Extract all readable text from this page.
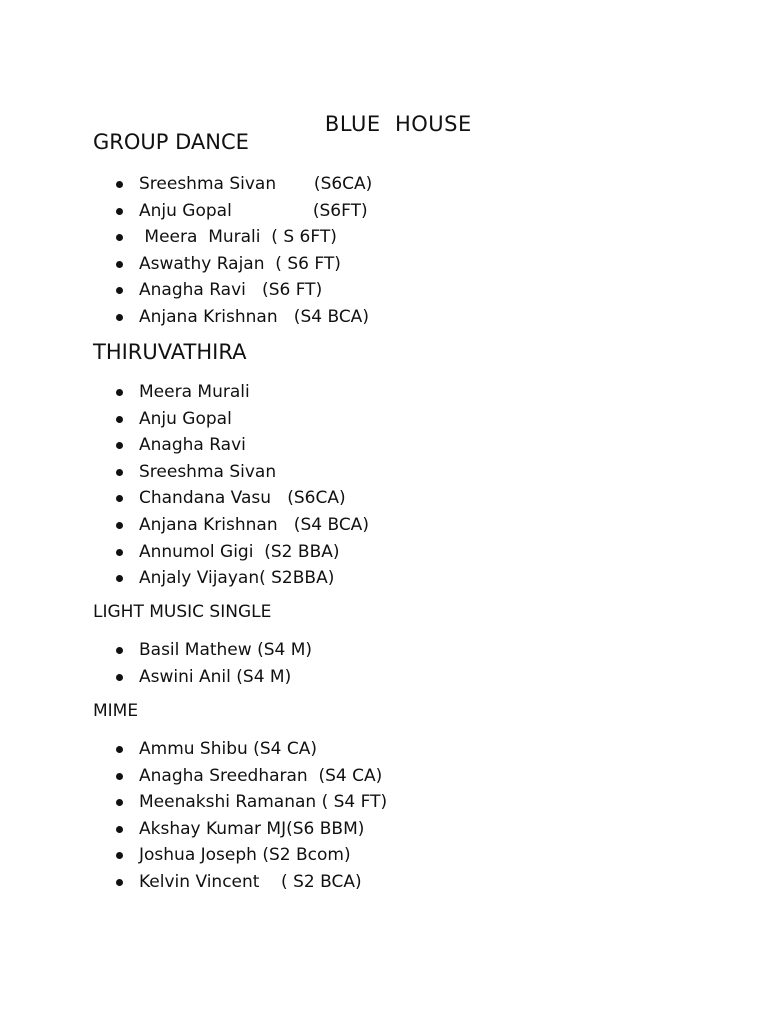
BLUE  HOUSE

GROUP DANCE
Sreeshma Sivan       (S6CA)
Anju Gopal               (S6FT)
Meera  Murali  ( S 6FT)
Aswathy Rajan  ( S6 FT)
Anagha Ravi   (S6 FT)
Anjana Krishnan   (S4 BCA)
THIRUVATHIRA
Meera Murali
Anju Gopal
Anagha Ravi
Sreeshma Sivan
Chandana Vasu   (S6CA)
Anjana Krishnan   (S4 BCA)
Annumol Gigi  (S2 BBA)
Anjaly Vijayan( S2BBA)
LIGHT MUSIC SINGLE
Basil Mathew (S4 M)
Aswini Anil (S4 M)
MIME
Ammu Shibu (S4 CA)
Anagha Sreedharan  (S4 CA)
Meenakshi Ramanan ( S4 FT)
Akshay Kumar MJ(S6 BBM)
Joshua Joseph (S2 Bcom)
Kelvin Vincent    ( S2 BCA)
